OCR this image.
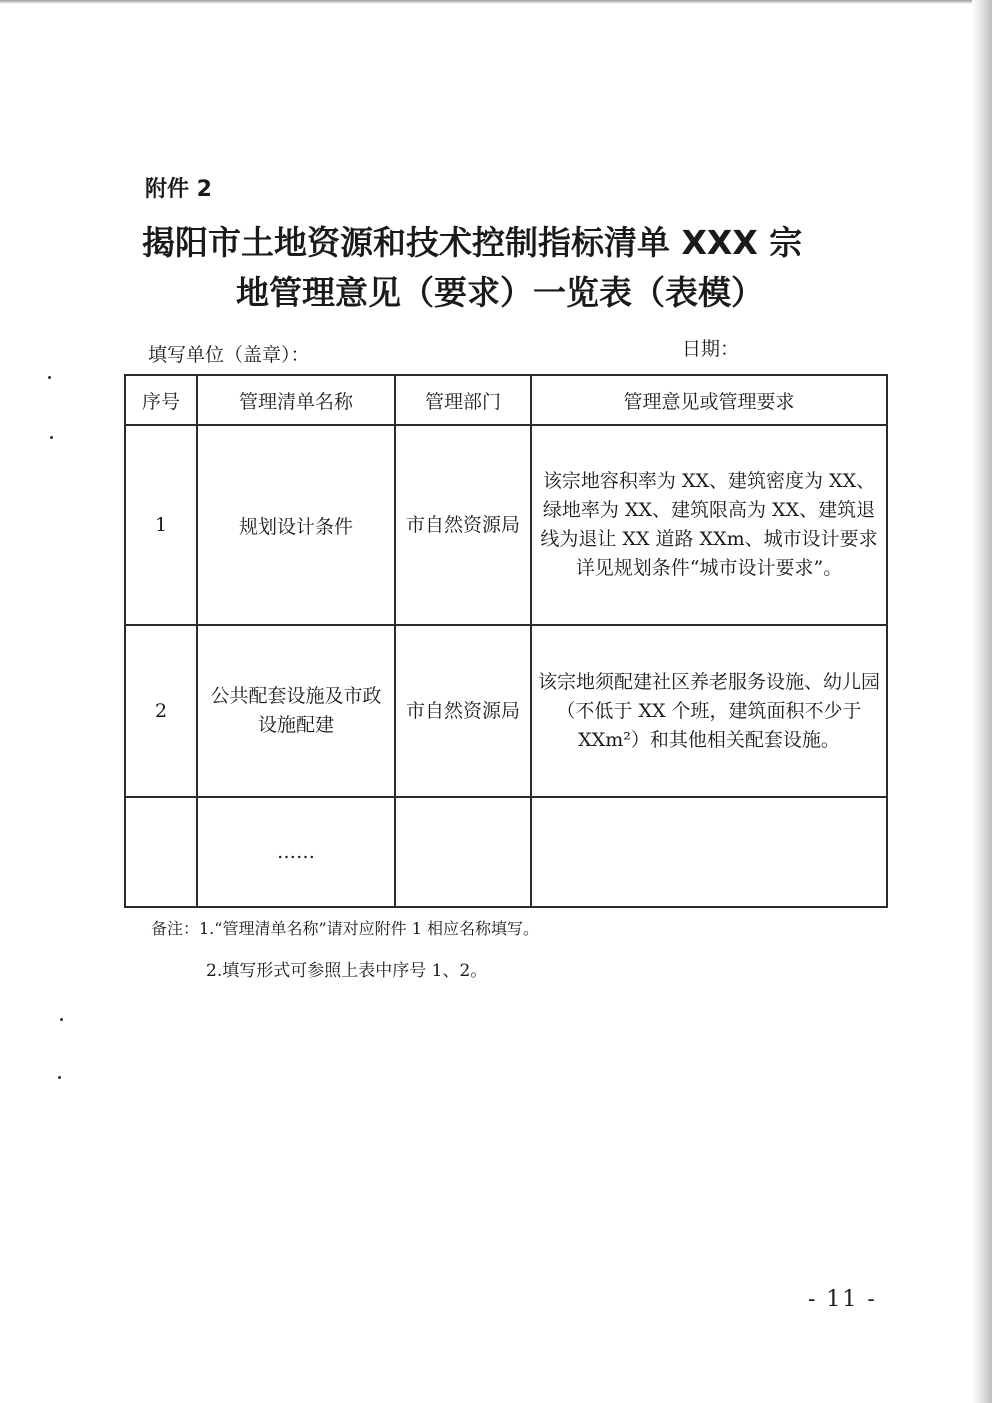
附件 2
揭阳市土地资源和技术控制指标清单 XXX 宗
地管理意见（要求）一览表（表模）
填写单位（盖章）：	日期：
序号	管理清单名称	管理部门	管理意见或管理要求
1	规划设计条件	市自然资源局	该宗地容积率为 XX、建筑密度为 XX、绿地率为 XX、建筑限高为 XX、建筑退线为退让 XX 道路 XXm、城市设计要求详见规划条件“城市设计要求”。
2	公共配套设施及市政设施配建	市自然资源局	该宗地须配建社区养老服务设施、幼儿园（不低于 XX 个班，建筑面积不少于 XXm²）和其他相关配套设施。
	……		
备注：1.“管理清单名称”请对应附件 1 相应名称填写。
2.填写形式可参照上表中序号 1、2。
- 11 -
